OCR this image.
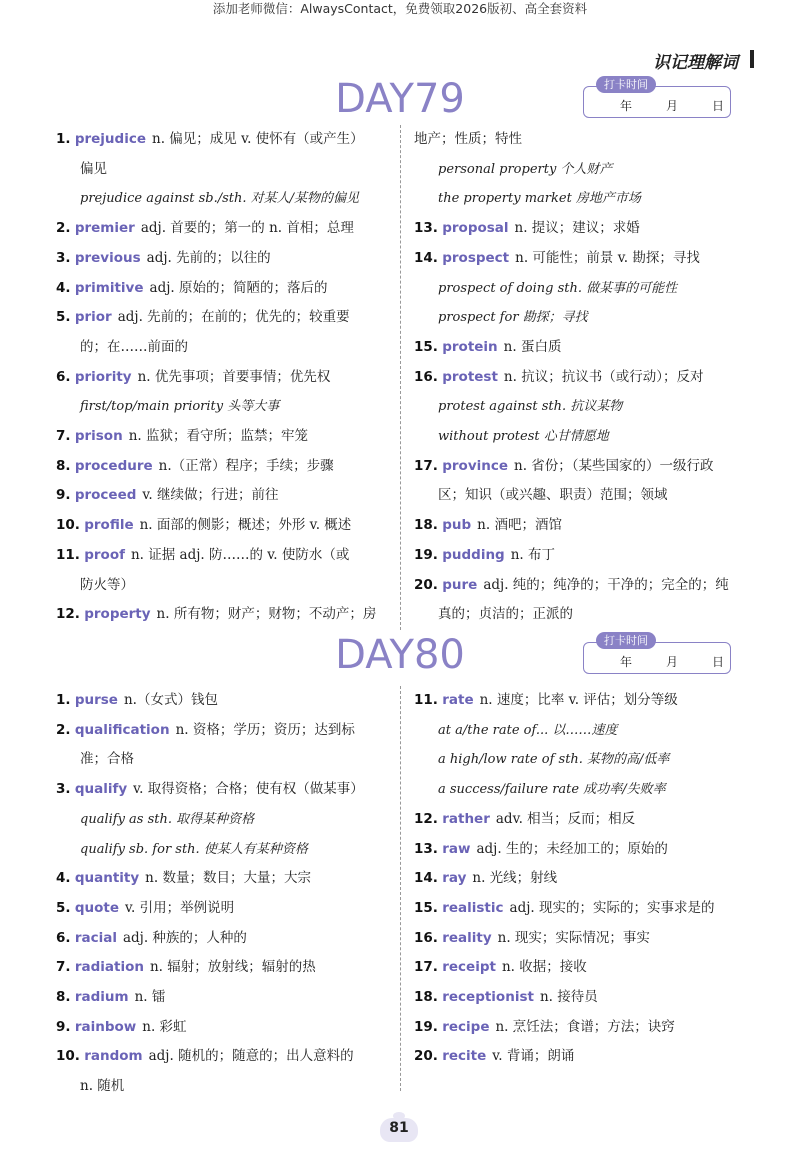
添加老师微信：AlwaysContact，免费领取2026版初、高全套资料
识记理解词
DAY79	打卡时间
年	月	日
1. prejudice n. 偏见；成见 v. 使怀有（或产生）
偏见
prejudice against sb./sth. 对某人/某物的偏见
2. premier adj. 首要的；第一的 n. 首相；总理
3. previous adj. 先前的；以往的
4. primitive adj. 原始的；简陋的；落后的
5. prior adj. 先前的；在前的；优先的；较重要
的；在……前面的
6. priority n. 优先事项；首要事情；优先权
first/top/main priority 头等大事
7. prison n. 监狱；看守所；监禁；牢笼
8. procedure n.（正常）程序；手续；步骤
9. proceed v. 继续做；行进；前往
10. profile n. 面部的侧影；概述；外形 v. 概述
11. proof n. 证据 adj. 防……的 v. 使防水（或
防火等）
12. property n. 所有物；财产；财物；不动产；房
地产；性质；特性
personal property 个人财产
the property market 房地产市场
13. proposal n. 提议；建议；求婚
14. prospect n. 可能性；前景 v. 勘探；寻找
prospect of doing sth. 做某事的可能性
prospect for 勘探；寻找
15. protein n. 蛋白质
16. protest n. 抗议；抗议书（或行动）；反对
protest against sth. 抗议某物
without protest 心甘情愿地
17. province n. 省份；（某些国家的）一级行政
区；知识（或兴趣、职责）范围；领域
18. pub n. 酒吧；酒馆
19. pudding n. 布丁
20. pure adj. 纯的；纯净的；干净的；完全的；纯
真的；贞洁的；正派的
DAY80	打卡时间
年	月	日
1. purse n.（女式）钱包
2. qualification n. 资格；学历；资历；达到标
准；合格
3. qualify v. 取得资格；合格；使有权（做某事）
qualify as sth. 取得某种资格
qualify sb. for sth. 使某人有某种资格
4. quantity n. 数量；数目；大量；大宗
5. quote v. 引用；举例说明
6. racial adj. 种族的；人种的
7. radiation n. 辐射；放射线；辐射的热
8. radium n. 镭
9. rainbow n. 彩虹
10. random adj. 随机的；随意的；出人意料的
n. 随机
11. rate n. 速度；比率 v. 评估；划分等级
at a/the rate of... 以……速度
a high/low rate of sth. 某物的高/低率
a success/failure rate 成功率/失败率
12. rather adv. 相当；反而；相反
13. raw adj. 生的；未经加工的；原始的
14. ray n. 光线；射线
15. realistic adj. 现实的；实际的；实事求是的
16. reality n. 现实；实际情况；事实
17. receipt n. 收据；接收
18. receptionist n. 接待员
19. recipe n. 烹饪法；食谱；方法；诀窍
20. recite v. 背诵；朗诵
81
